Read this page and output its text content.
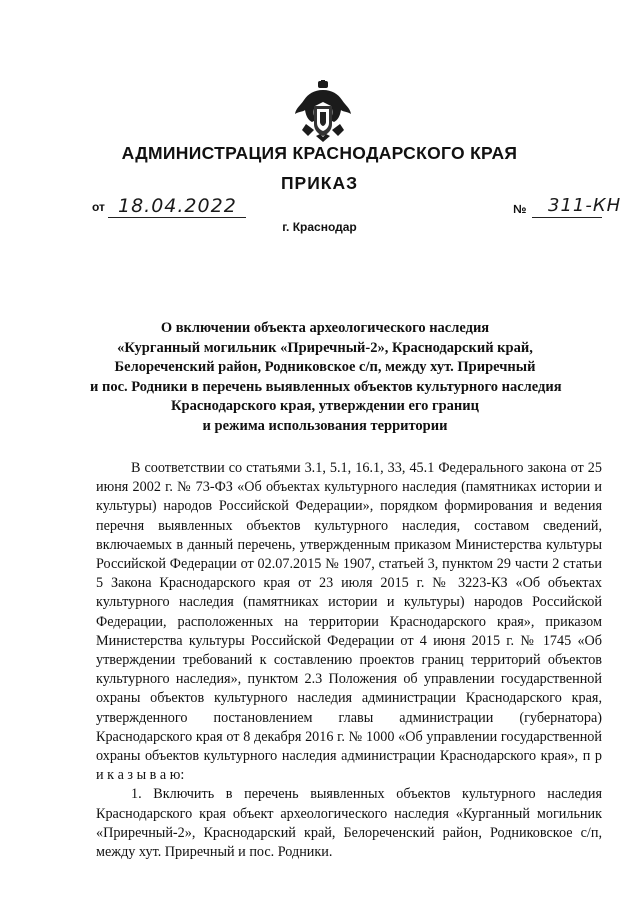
АДМИНИСТРАЦИЯ КРАСНОДАРСКОГО КРАЯ
ПРИКАЗ
от 18.04.2022	№ 311-КН
г. Краснодар
О включении объекта археологического наследия
«Курганный могильник «Приречный-2», Краснодарский край,
Белореченский район, Родниковское с/п, между хут. Приречный
и пос. Родники в перечень выявленных объектов культурного наследия
Краснодарского края, утверждении его границ
и режима использования территории

В соответствии со статьями 3.1, 5.1, 16.1, 33, 45.1 Федерального закона от 25 июня 2002 г. № 73-ФЗ «Об объектах культурного наследия (памятниках истории и культуры) народов Российской Федерации», порядком формирования и ведения перечня выявленных объектов культурного наследия, составом сведений, включаемых в данный перечень, утвержденным приказом Министерства культуры Российской Федерации от 02.07.2015 № 1907, статьей 3, пунктом 29 части 2 статьи 5 Закона Краснодарского края от 23 июля 2015 г. № 3223-КЗ «Об объектах культурного наследия (памятниках истории и культуры) народов Российской Федерации, расположенных на территории Краснодарского края», приказом Министерства культуры Российской Федерации от 4 июня 2015 г. № 1745 «Об утверждении требований к составлению проектов границ территорий объектов культурного наследия», пунктом 2.3 Положения об управлении государственной охраны объектов культурного наследия администрации Краснодарского края, утвержденного постановлением главы администрации (губернатора) Краснодарского края от 8 декабря 2016 г. № 1000 «Об управлении государственной охраны объектов культурного наследия администрации Краснодарского края», п р и к а з ы в а ю:

1. Включить в перечень выявленных объектов культурного наследия Краснодарского края объект археологического наследия «Курганный могильник «Приречный-2», Краснодарский край, Белореченский район, Родниковское с/п, между хут. Приречный и пос. Родники.
